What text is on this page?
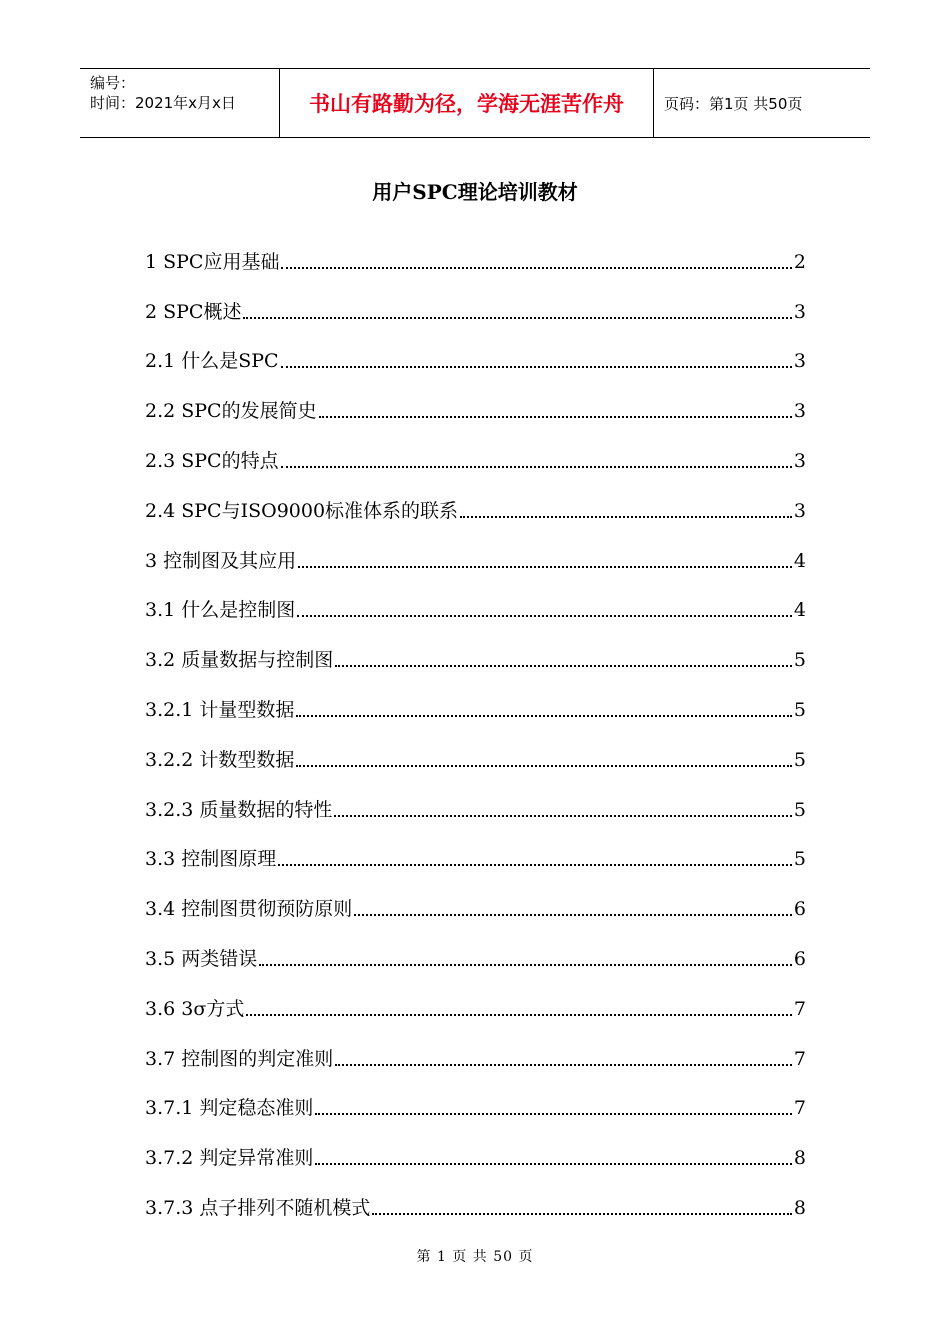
编号：
时间：2021年x月x日	书山有路勤为径，学海无涯苦作舟	页码：第1页 共50页
用户SPC理论培训教材
1 SPC应用基础	2
2 SPC概述	3
2.1 什么是SPC	3
2.2 SPC的发展简史	3
2.3 SPC的特点	3
2.4 SPC与ISO9000标准体系的联系	3
3 控制图及其应用	4
3.1 什么是控制图	4
3.2 质量数据与控制图	5
3.2.1 计量型数据	5
3.2.2 计数型数据	5
3.2.3 质量数据的特性	5
3.3 控制图原理	5
3.4 控制图贯彻预防原则	6
3.5 两类错误	6
3.6 3σ方式	7
3.7 控制图的判定准则	7
3.7.1 判定稳态准则	7
3.7.2 判定异常准则	8
3.7.3 点子排列不随机模式	8
第 1 页 共 50 页
